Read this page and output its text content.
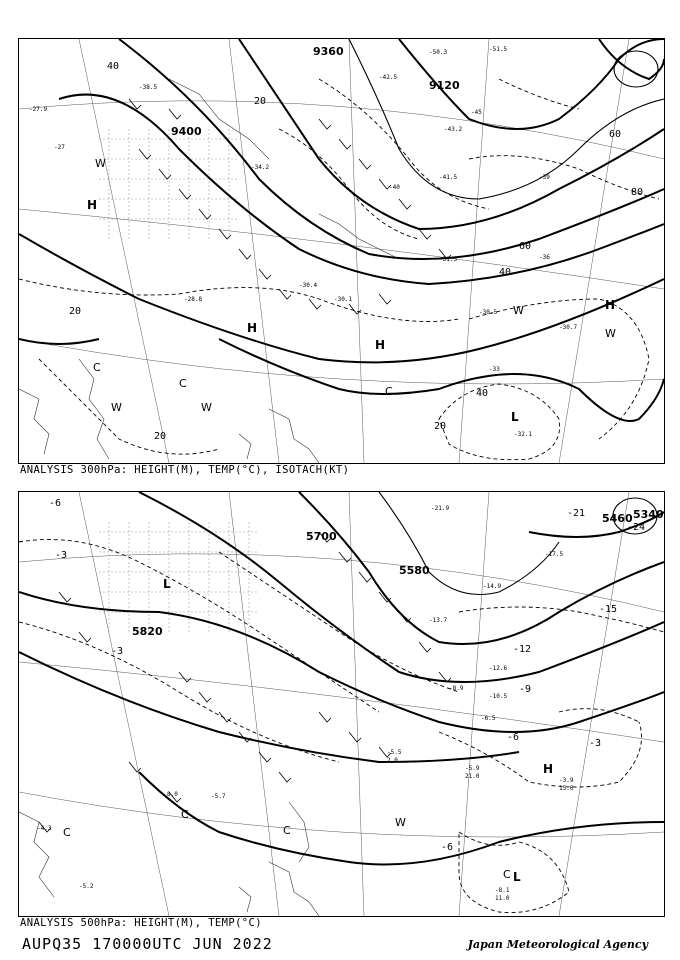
9360
9120
9400
20
20
20
40
40
60
80
20
40
60
H
H
H
H
W	W
W
W
W
C
C
C
L
-27
-27.9
-28.8	-30.1
-30.5
-30.7
-32.1
-33
-34.2
-38.5
-40
-41.5
-42.5
-43.2
-45
-50.3	-51.5
-39
-36
-31.3
-30.4
ANALYSIS 300hPa: HEIGHT(M), TEMP(°C), ISOTACH(KT)
5700
5580
5820
5460 5340
-6
-3
-3
-12
-15
-21
-24
-9
-6
-3
-6
L
C
C
C
W
H
L
C
-14.9
-13.7
-12.6
-10.5
-8.9
-6.5
-5.5
-5.9
-3.9
-8.1
-17.5
-21.9
-5.7
-5.2
-4.3
21.0
15.0
11.0
2.0
8.0
ANALYSIS 500hPa: HEIGHT(M), TEMP(°C)
AUPQ35 170000UTC JUN 2022	Japan Meteorological Agency
